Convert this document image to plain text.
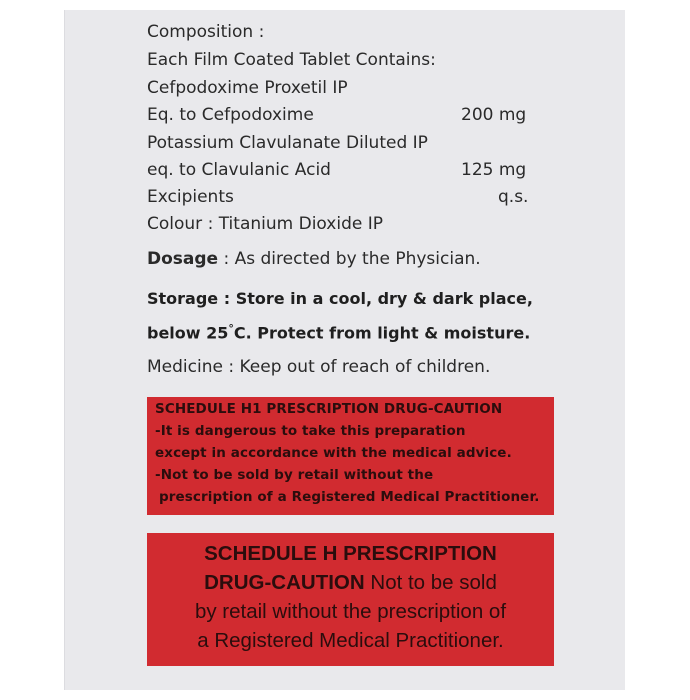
Composition :
Each Film Coated Tablet Contains:
Cefpodoxime Proxetil IP
Eq. to Cefpodoxime	200 mg
Potassium Clavulanate Diluted IP
eq. to Clavulanic Acid	125 mg
Excipients	q.s.
Colour : Titanium Dioxide IP
Dosage : As directed by the Physician.
Storage : Store in a cool, dry & dark place,
below 25°C. Protect from light & moisture.
Medicine : Keep out of reach of children.
SCHEDULE H1 PRESCRIPTION DRUG-CAUTION
-It is dangerous to take this preparation
except in accordance with the medical advice.
-Not to be sold by retail without the
prescription of a Registered Medical Practitioner.
SCHEDULE H PRESCRIPTION
DRUG-CAUTION Not to be sold
by retail without the prescription of
a Registered Medical Practitioner.
